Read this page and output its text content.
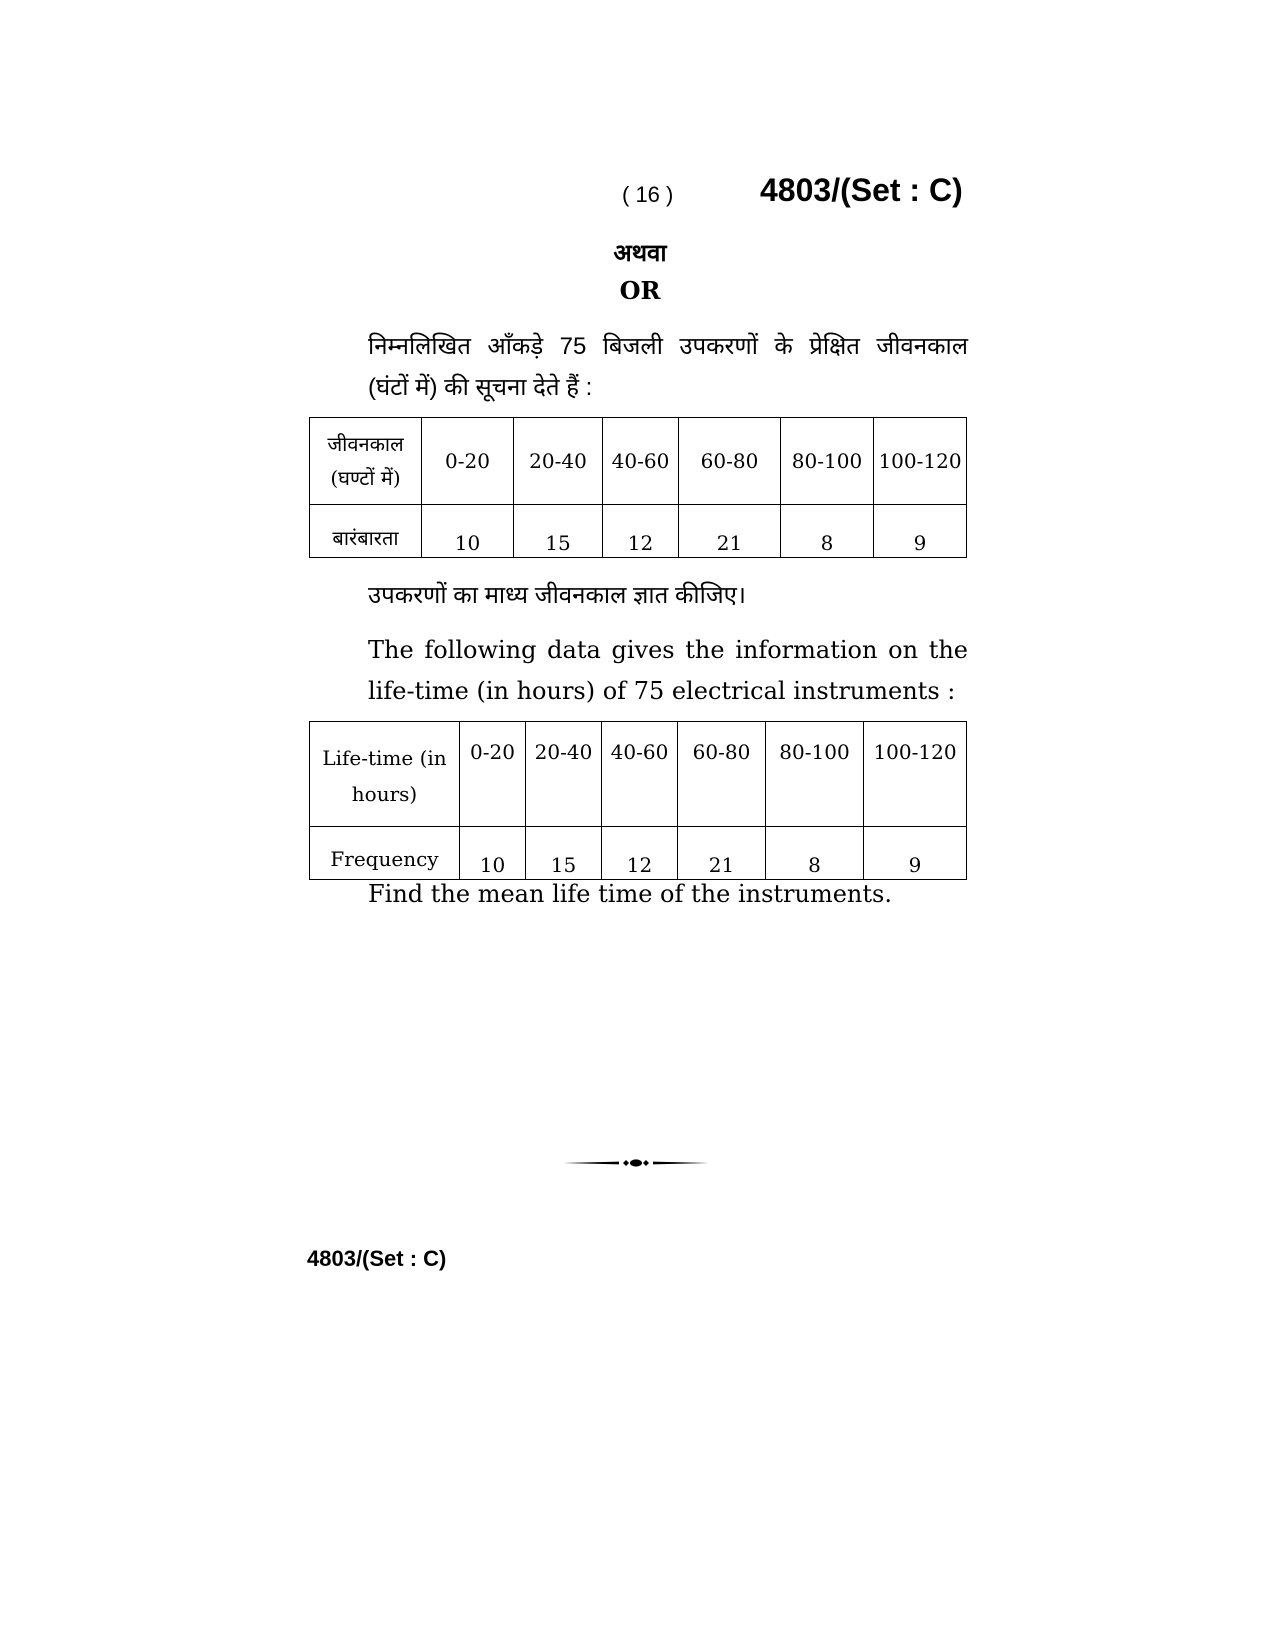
( 16 )	4803/(Set : C)
अथवा
OR
निम्नलिखित आँकड़े 75 बिजली उपकरणों के प्रेक्षित जीवनकाल
(घंटों में) की सूचना देते हैं :
जीवनकाल
(घण्टों में)	0-20	20-40	40-60	60-80	80-100	100-120
बारंबारता	10	15	12	21	8	9
उपकरणों का माध्य जीवनकाल ज्ञात कीजिए।
The following data gives the information on the
life-time (in hours) of 75 electrical instruments :
Life-time (in
hours)	0-20	20-40	40-60	60-80	80-100	100-120
Frequency	10	15	12	21	8	9
Find the mean life time of the instruments.
4803/(Set : C)
